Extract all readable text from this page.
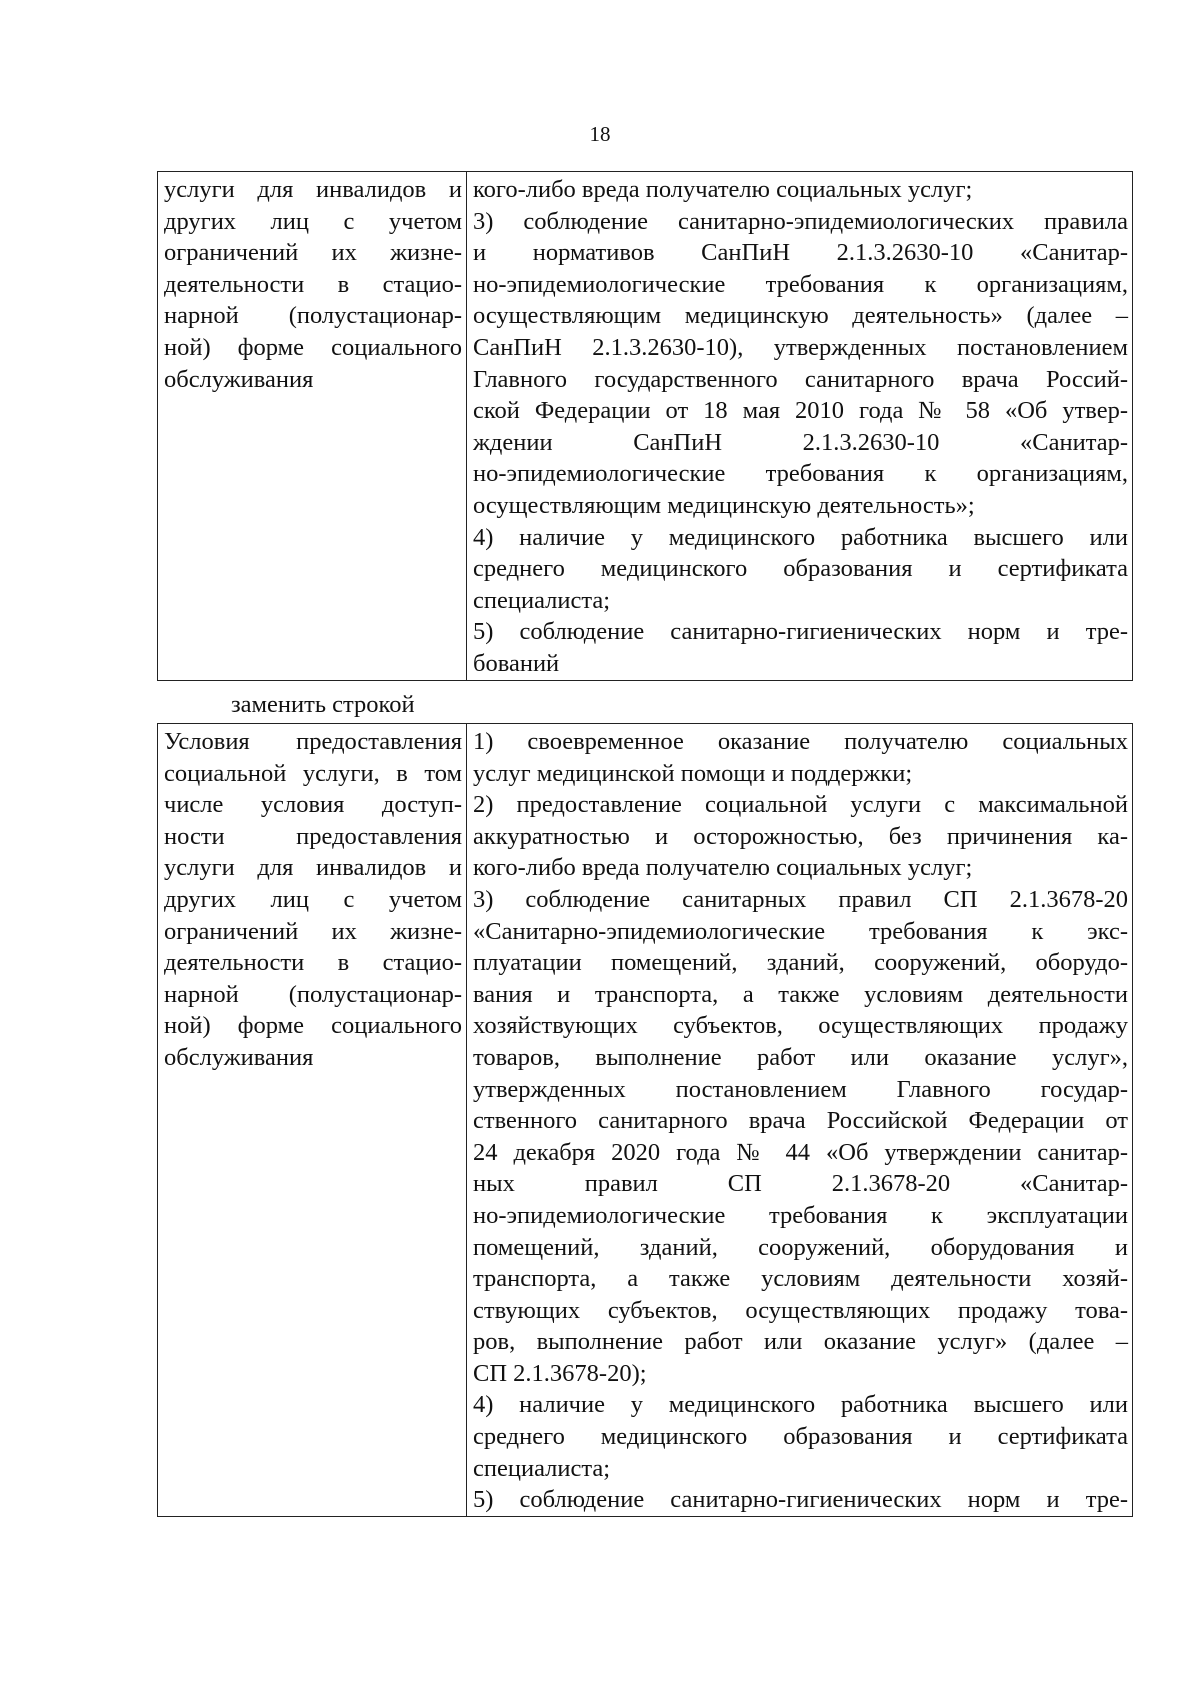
18
услуги для инвалидов и
других лиц с учетом
ограничений их жизне-
деятельности в стацио-
нарной (полустационар-
ной) форме социального
обслуживания

кого-либо вреда получателю социальных услуг;
3) соблюдение санитарно-эпидемиологических правила
и нормативов СанПиН 2.1.3.2630-10 «Санитар-
но-эпидемиологические требования к организациям,
осуществляющим медицинскую деятельность» (далее –
СанПиН 2.1.3.2630-10), утвержденных постановлением
Главного государственного санитарного врача Россий-
ской Федерации от 18 мая 2010 года № 58 «Об утвер-
ждении СанПиН 2.1.3.2630-10 «Санитар-
но-эпидемиологические требования к организациям,
осуществляющим медицинскую деятельность»;
4) наличие у медицинского работника высшего или
среднего медицинского образования и сертификата
специалиста;
5) соблюдение санитарно-гигиенических норм и тре-
бований
заменить строкой
Условия предоставления
социальной услуги, в том
числе условия доступ-
ности предоставления
услуги для инвалидов и
других лиц с учетом
ограничений их жизне-
деятельности в стацио-
нарной (полустационар-
ной) форме социального
обслуживания

1) своевременное оказание получателю социальных
услуг медицинской помощи и поддержки;
2) предоставление социальной услуги с максимальной
аккуратностью и осторожностью, без причинения ка-
кого-либо вреда получателю социальных услуг;
3) соблюдение санитарных правил СП 2.1.3678-20
«Санитарно-эпидемиологические требования к экс-
плуатации помещений, зданий, сооружений, оборудо-
вания и транспорта, а также условиям деятельности
хозяйствующих субъектов, осуществляющих продажу
товаров, выполнение работ или оказание услуг»,
утвержденных постановлением Главного государ-
ственного санитарного врача Российской Федерации от
24 декабря 2020 года № 44 «Об утверждении санитар-
ных правил СП 2.1.3678-20 «Санитар-
но-эпидемиологические требования к эксплуатации
помещений, зданий, сооружений, оборудования и
транспорта, а также условиям деятельности хозяй-
ствующих субъектов, осуществляющих продажу това-
ров, выполнение работ или оказание услуг» (далее –
СП 2.1.3678-20);
4) наличие у медицинского работника высшего или
среднего медицинского образования и сертификата
специалиста;
5) соблюдение санитарно-гигиенических норм и тре-
